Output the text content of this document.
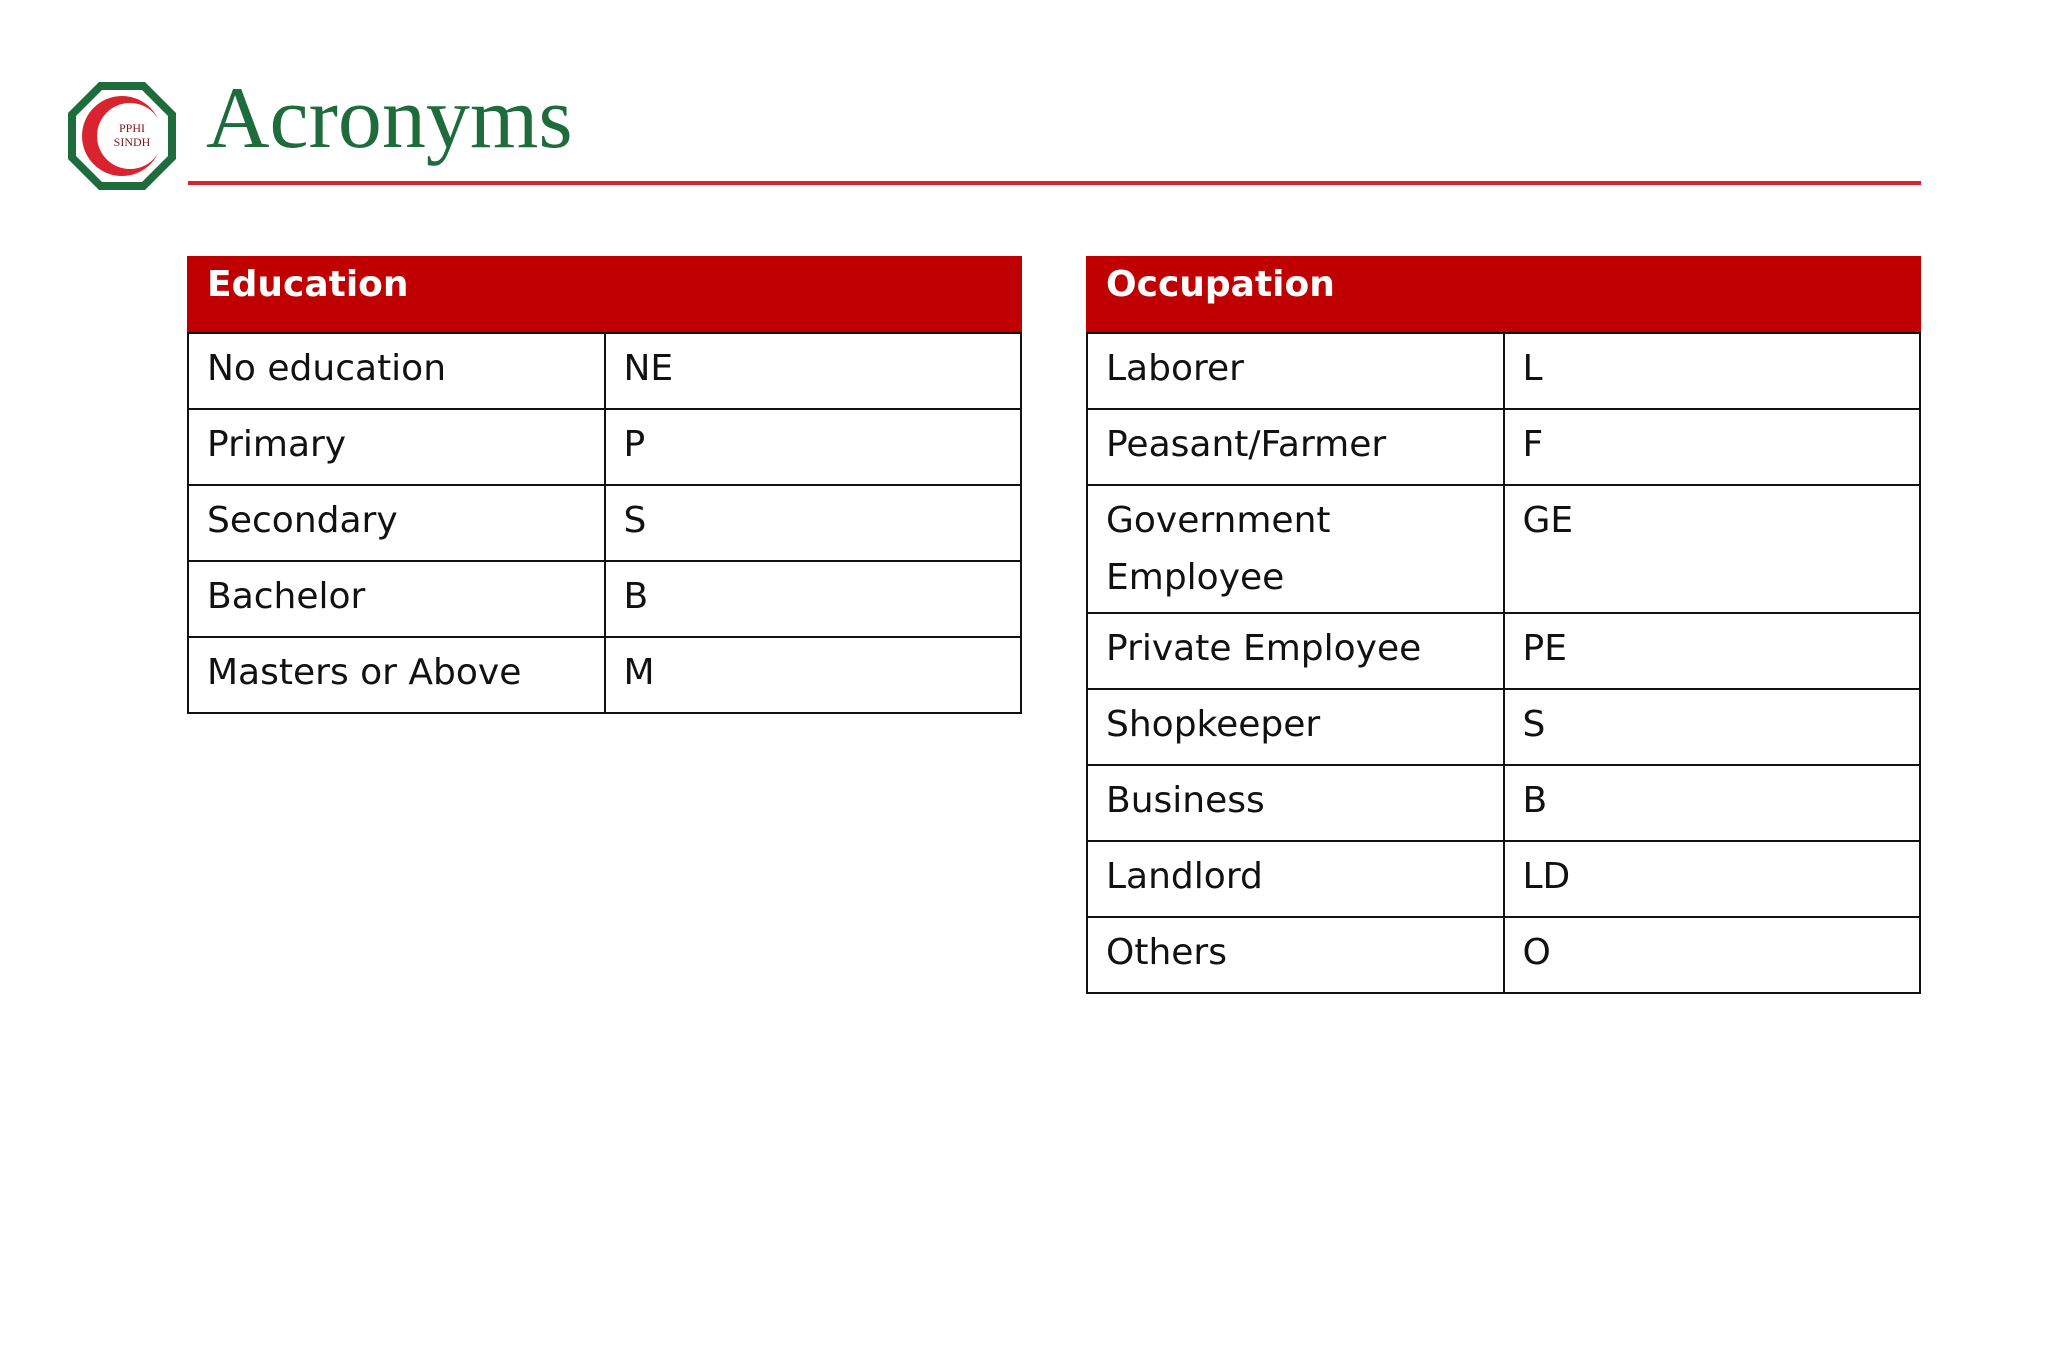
PPHI
SINDH Acronyms
Education	
No education	NE
Primary	P
Secondary	S
Bachelor	B
Masters or Above	M
Occupation	
Laborer	L
Peasant/Farmer	F
Government Employee	GE
Private Employee	PE
Shopkeeper	S
Business	B
Landlord	LD
Others	O
